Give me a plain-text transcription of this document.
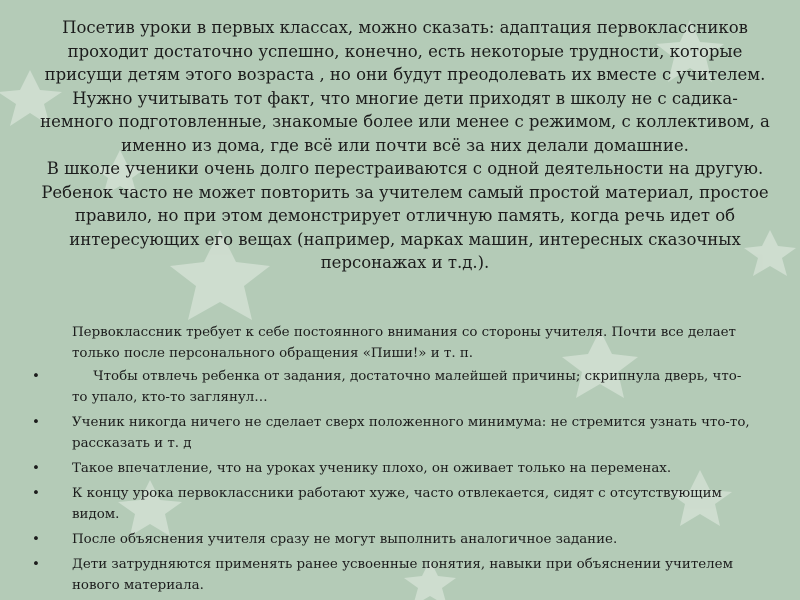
Посетив уроки в первых классах, можно сказать: адаптация первоклассников проходит достаточно успешно, конечно, есть некоторые трудности, которые присущи детям этого возраста , но они будут преодолевать их вместе с учителем.

Нужно учитывать тот факт, что многие дети приходят в школу не с садика- немного подготовленные, знакомые более или менее с режимом, с коллективом, а именно из дома, где всё или почти всё за них делали домашние.

В школе ученики очень долго перестраиваются с одной деятельности на другую.

Ребенок часто не может повторить за учителем самый простой материал, простое правило, но при этом демонстрирует отличную память, когда речь идет об интересующих его вещах (например, марках машин, интересных сказочных персонажах и т.д.).

Первоклассник требует к себе постоянного внимания со стороны учителя. Почти все делает только после персонального обращения «Пиши!» и т. п.

• Чтобы отвлечь ребенка от задания, достаточно малейшей причины; скрипнула дверь, что-то упало, кто-то заглянул…
• Ученик никогда ничего не сделает сверх положенного минимума: не стремится узнать что-то, рассказать и т. д
• Такое впечатление, что на уроках ученику плохо, он оживает только на переменах.
• К концу урока первоклассники работают хуже, часто отвлекается, сидят с отсутствующим видом.
• После объяснения учителя сразу не могут выполнить аналогичное задание.
• Дети затрудняются применять ранее усвоенные понятия, навыки при объяснении учителем нового материала.
